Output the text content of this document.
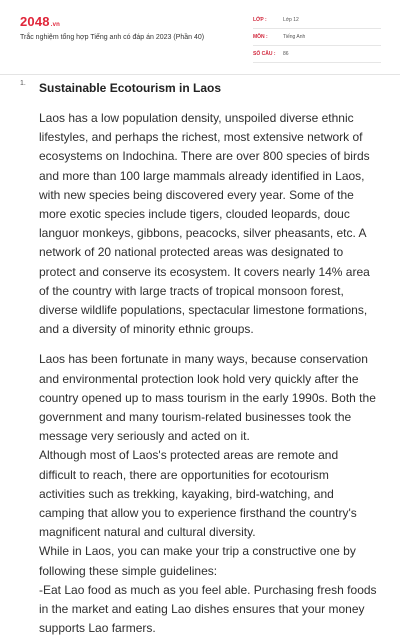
2048.vn
Trắc nghiệm tổng hợp Tiếng anh có đáp án 2023 (Phần 40)
LỚP :	Lớp 12
MÔN :	Tiếng Anh
SỐ CÂU :	86
1. Sustainable Ecotourism in Laos

Laos has a low population density, unspoiled diverse ethnic
lifestyles, and perhaps the richest, most extensive network of
ecosystems on Indochina. There are over 800 species of birds
and more than 100 large mammals already identified in Laos,
with new species being discovered every year. Some of the
more exotic species include tigers, clouded leopards, douc
languor monkeys, gibbons, peacocks, silver pheasants, etc. A
network of 20 national protected areas was designated to
protect and conserve its ecosystem. It covers nearly 14% area
of the country with large tracts of tropical monsoon forest,
diverse wildlife populations, spectacular limestone formations,
and a diversity of minority ethnic groups.

Laos has been fortunate in many ways, because conservation
and environmental protection look hold very quickly after the
country opened up to mass tourism in the early 1990s. Both the
government and many tourism-related businesses took the
message very seriously and acted on it.
Although most of Laos's protected areas are remote and
difficult to reach, there are opportunities for ecotourism
activities such as trekking, kayaking, bird-watching, and
camping that allow you to experience firsthand the country's
magnificent natural and cultural diversity.
While in Laos, you can make your trip a constructive one by
following these simple guidelines:
-Eat Lao food as much as you feel able. Purchasing fresh foods
in the market and eating Lao dishes ensures that your money
supports Lao farmers.
